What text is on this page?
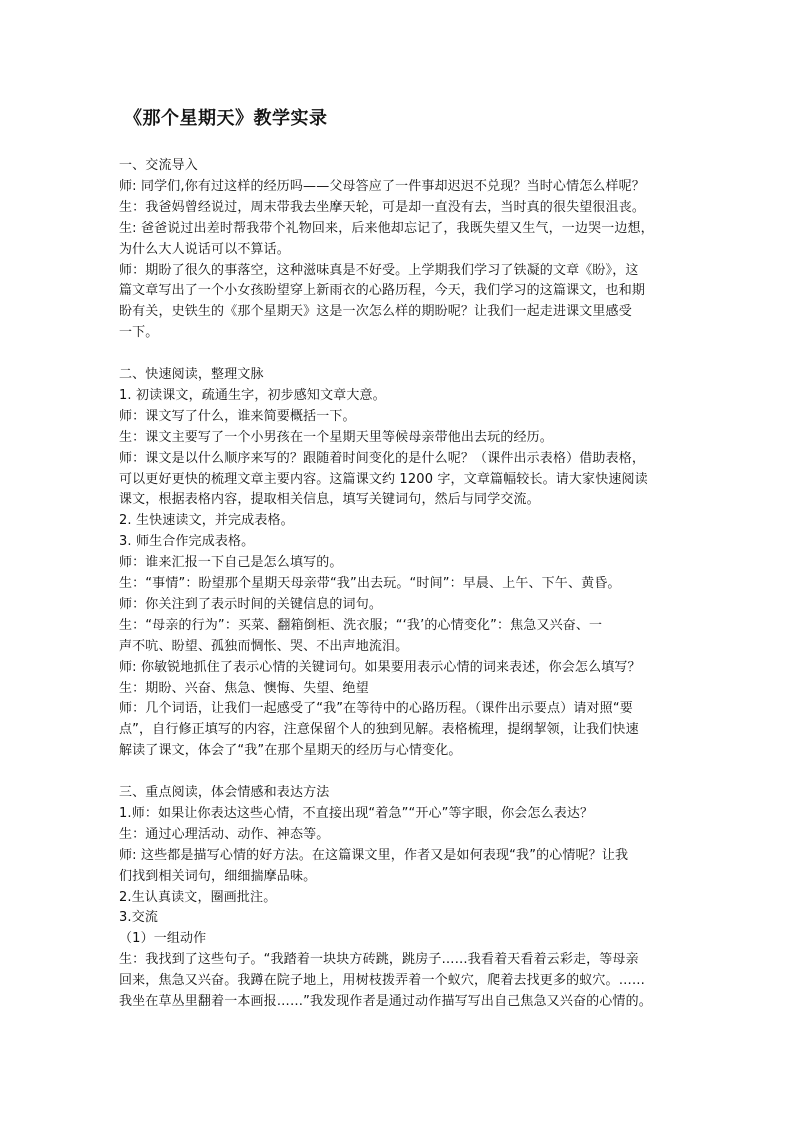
《那个星期天》教学实录
一、交流导入
师: 同学们,你有过这样的经历吗——父母答应了一件事却迟迟不兑现？当时心情怎么样呢？
生：我爸妈曾经说过，周末带我去坐摩天轮，可是却一直没有去，当时真的很失望很沮丧。
生: 爸爸说过出差时帮我带个礼物回来，后来他却忘记了，我既失望又生气，一边哭一边想，
为什么大人说话可以不算话。
师：期盼了很久的事落空，这种滋味真是不好受。上学期我们学习了铁凝的文章《盼》，这
篇文章写出了一个小女孩盼望穿上新雨衣的心路历程，今天，我们学习的这篇课文，也和期
盼有关，史铁生的《那个星期天》这是一次怎么样的期盼呢？让我们一起走进课文里感受
一下。
二、快速阅读，整理文脉
1. 初读课文，疏通生字，初步感知文章大意。
师：课文写了什么，谁来简要概括一下。
生：课文主要写了一个小男孩在一个星期天里等候母亲带他出去玩的经历。
师：课文是以什么顺序来写的？跟随着时间变化的是什么呢？（课件出示表格）借助表格，
可以更好更快的梳理文章主要内容。这篇课文约 1200 字，文章篇幅较长。请大家快速阅读
课文，根据表格内容，提取相关信息，填写关键词句，然后与同学交流。
2. 生快速读文，并完成表格。
3. 师生合作完成表格。
师：谁来汇报一下自己是怎么填写的。
生：“事情”：盼望那个星期天母亲带“我”出去玩。“时间”：早晨、上午、下午、黄昏。
师：你关注到了表示时间的关键信息的词句。
生：“母亲的行为”：买菜、翻箱倒柜、洗衣服；“‘我’的心情变化”：焦急又兴奋、一
声不吭、盼望、孤独而惆怅、哭、不出声地流泪。
师: 你敏锐地抓住了表示心情的关键词句。如果要用表示心情的词来表述，你会怎么填写？
生：期盼、兴奋、焦急、懊悔、失望、绝望
师：几个词语，让我们一起感受了“我”在等待中的心路历程。（课件出示要点）请对照“要
点”，自行修正填写的内容，注意保留个人的独到见解。表格梳理，提纲挈领，让我们快速
解读了课文，体会了“我”在那个星期天的经历与心情变化。
三、重点阅读，体会情感和表达方法
1.师：如果让你表达这些心情，不直接出现“着急”“开心”等字眼，你会怎么表达？
生：通过心理活动、动作、神态等。
师: 这些都是描写心情的好方法。在这篇课文里，作者又是如何表现“我”的心情呢？让我
们找到相关词句，细细揣摩品味。
2.生认真读文，圈画批注。
3.交流
（1）一组动作
生：我找到了这些句子。“我踏着一块块方砖跳，跳房子……我看着天看着云彩走，等母亲
回来，焦急又兴奋。我蹲在院子地上，用树枝拨弄着一个蚁穴，爬着去找更多的蚁穴。……
我坐在草丛里翻着一本画报……”我发现作者是通过动作描写写出自己焦急又兴奋的心情的。
